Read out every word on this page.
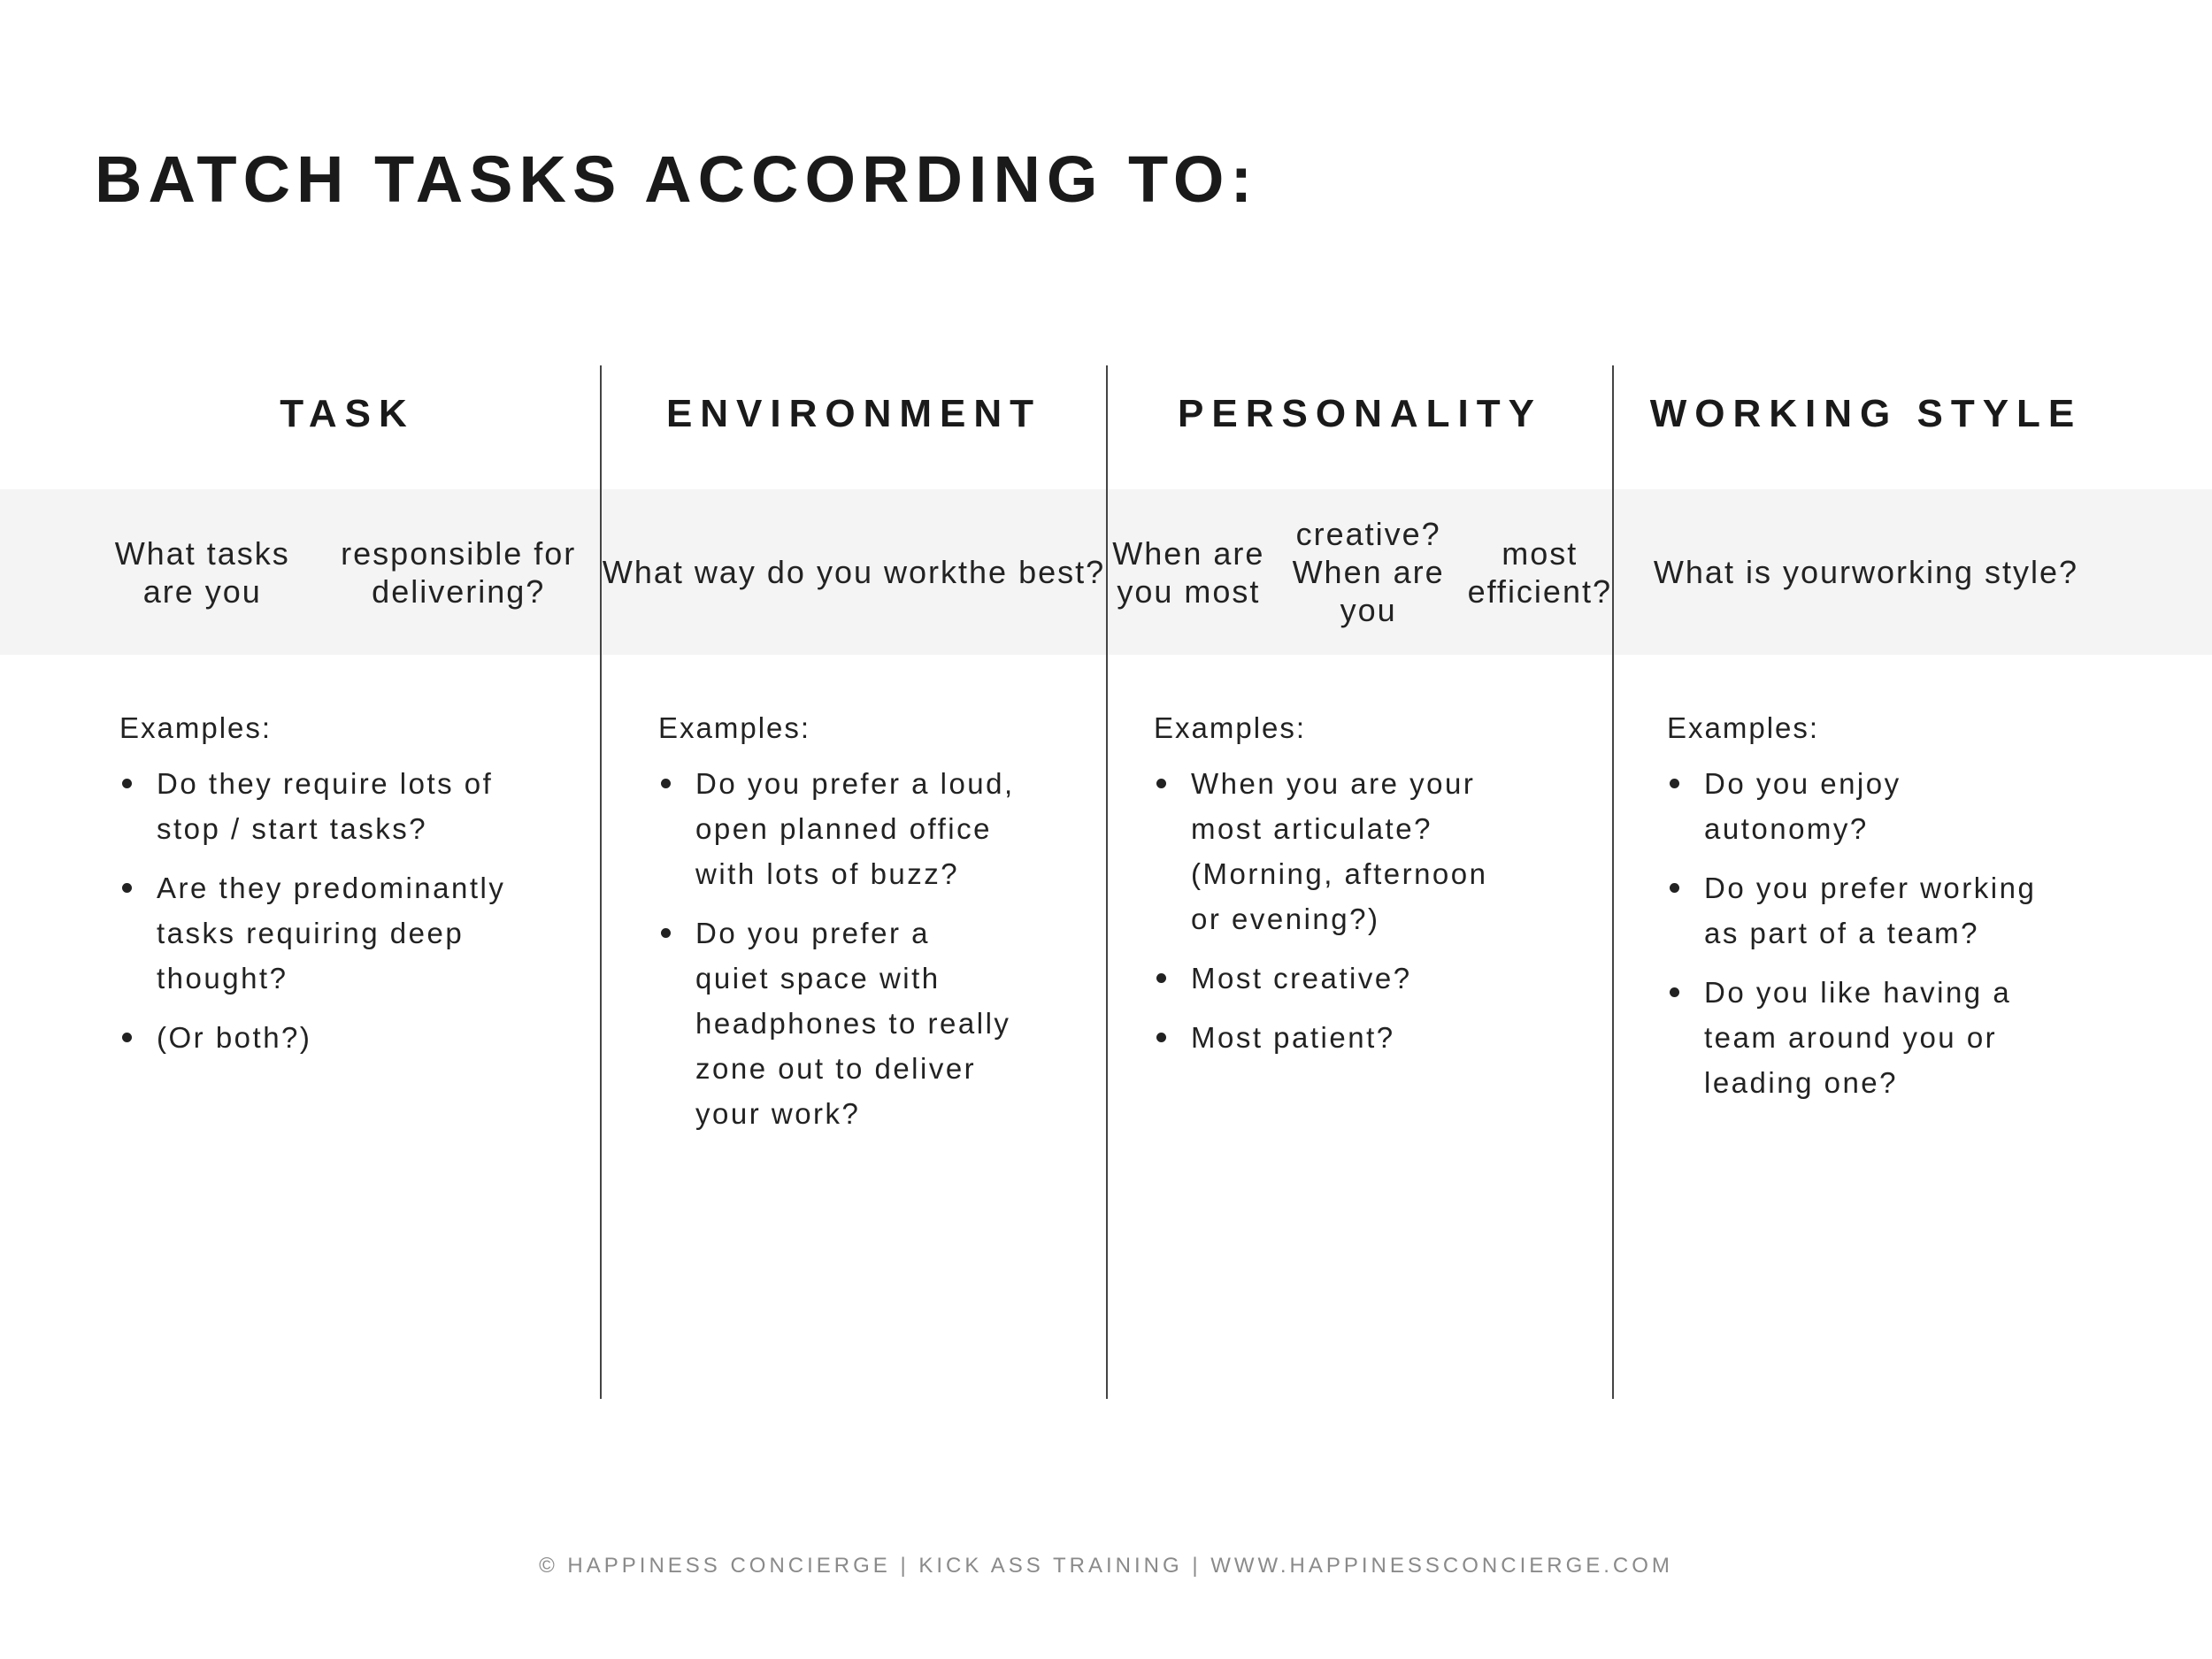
BATCH TASKS ACCORDING TO:
TASK
What tasks are you
responsible for delivering?
Examples:
Do they require lots of
stop / start tasks?
Are they predominantly
tasks requiring deep
thought?
(Or both?)
ENVIRONMENT
What way do you work the best?
Examples:
Do you prefer a loud,
open planned office
with lots of buzz?
Do you prefer a
quiet space with
headphones to really
zone out to deliver
your work?
PERSONALITY
When are you most
creative? When are you
most efficient?
Examples:
When you are your
most articulate?
(Morning, afternoon
or evening?)
Most creative?
Most patient?
WORKING STYLE
What is your working style?
Examples:
Do you enjoy
autonomy?
Do you prefer working
as part of a team?
Do you like having a
team around you or
leading one?
© HAPPINESS CONCIERGE | KICK ASS TRAINING | WWW.HAPPINESSCONCIERGE.COM
